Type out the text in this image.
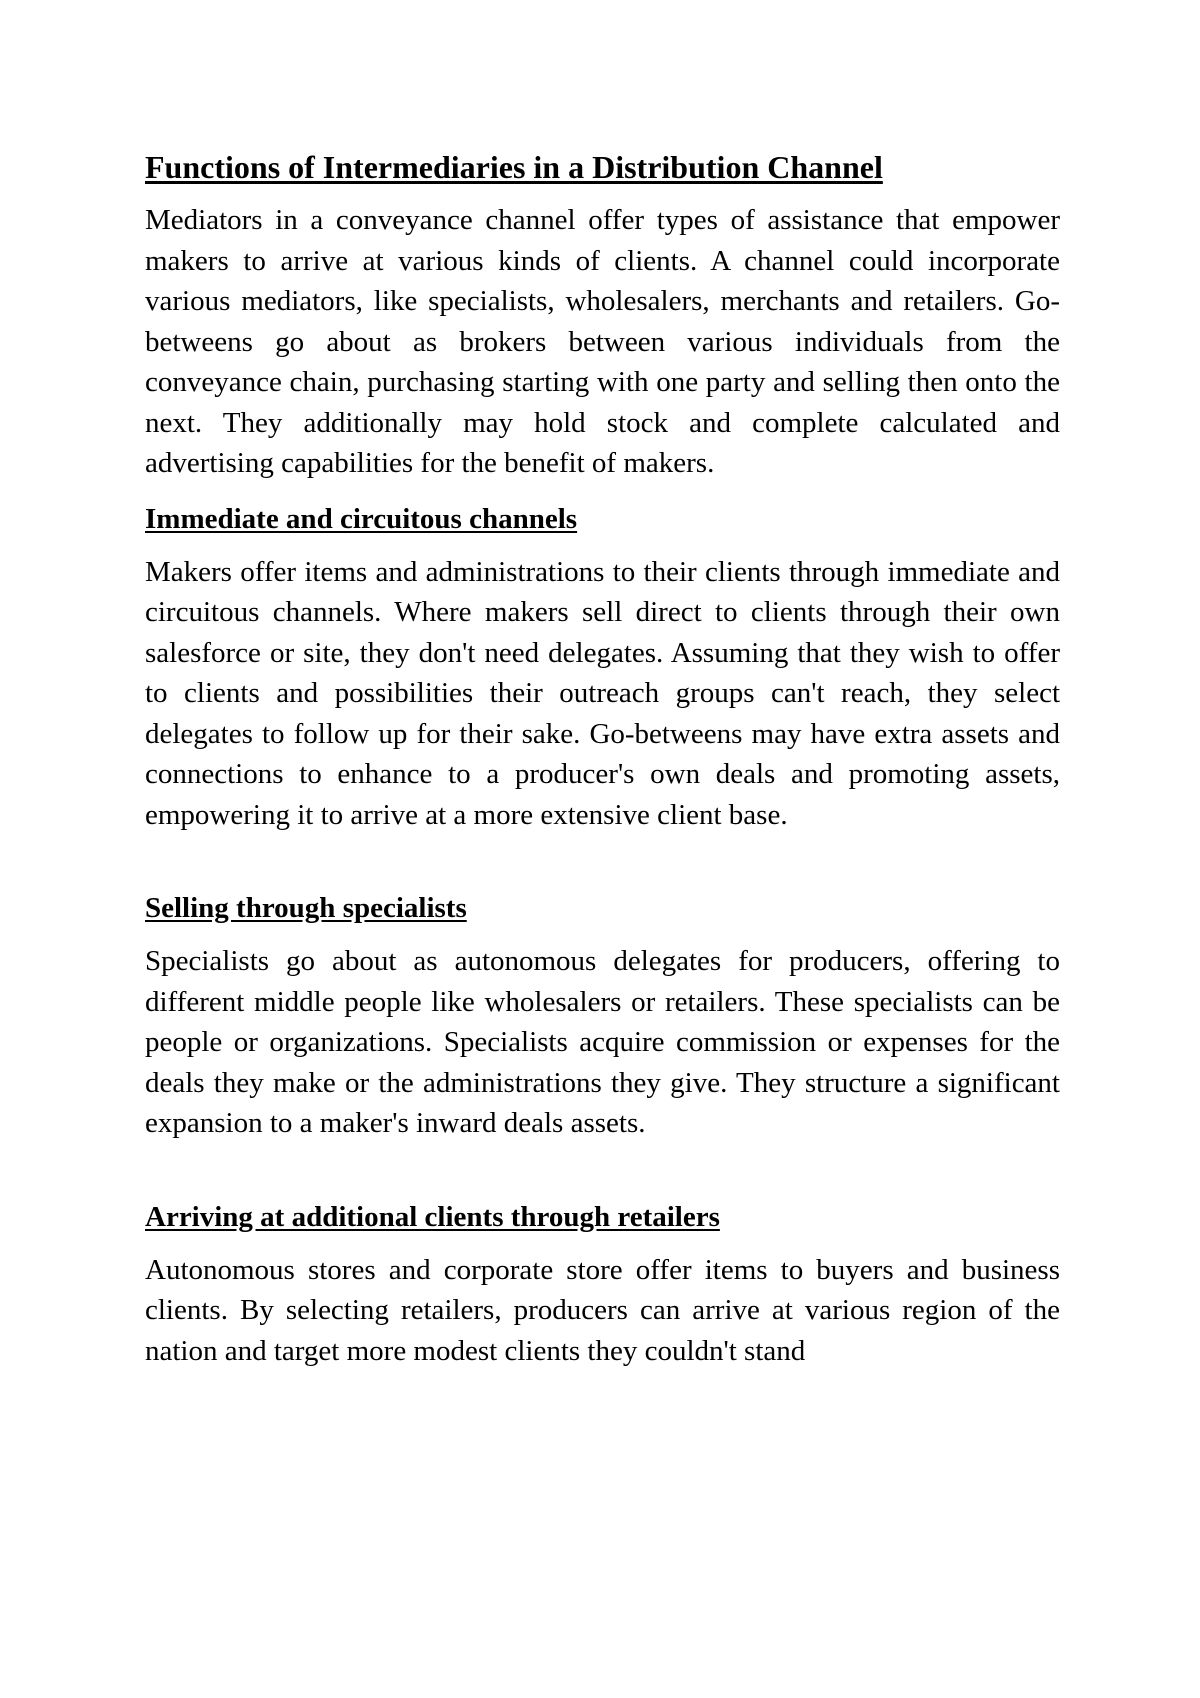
Functions of Intermediaries in a Distribution Channel

Mediators in a conveyance channel offer types of assistance that empower makers to arrive at various kinds of clients. A channel could incorporate various mediators, like specialists, wholesalers, merchants and retailers. Go-betweens go about as brokers between various individuals from the conveyance chain, purchasing starting with one party and selling then onto the next. They additionally may hold stock and complete calculated and advertising capabilities for the benefit of makers.

Immediate and circuitous channels

Makers offer items and administrations to their clients through immediate and circuitous channels. Where makers sell direct to clients through their own salesforce or site, they don't need delegates. Assuming that they wish to offer to clients and possibilities their outreach groups can't reach, they select delegates to follow up for their sake. Go-betweens may have extra assets and connections to enhance to a producer's own deals and promoting assets, empowering it to arrive at a more extensive client base.

Selling through specialists

Specialists go about as autonomous delegates for producers, offering to different middle people like wholesalers or retailers. These specialists can be people or organizations. Specialists acquire commission or expenses for the deals they make or the administrations they give. They structure a significant expansion to a maker's inward deals assets.

Arriving at additional clients through retailers

Autonomous stores and corporate store offer items to buyers and business clients. By selecting retailers, producers can arrive at various region of the nation and target more modest clients they couldn't stand
